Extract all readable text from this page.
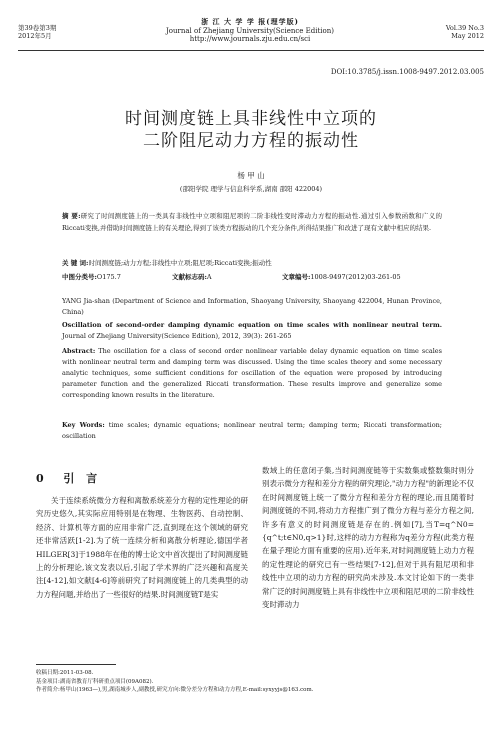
第39卷第3期
2012年5月
浙 江 大 学 学 报(理学版)
Journal of Zhejiang University(Science Edition)
http://www.journals.zju.edu.cn/sci
Vol.39 No.3
May 2012
DOI:10.3785/j.issn.1008-9497.2012.03.005
时间测度链上具非线性中立项的
二阶阻尼动力方程的振动性
杨 甲 山
(邵阳学院 理学与信息科学系,湖南 邵阳 422004)
摘 要:研究了时间测度链上的一类具有非线性中立项和阻尼项的二阶非线性变时滞动力方程的振动性.通过引入参数函数和广义的Riccati变换,并借助时间测度链上的有关理论,得到了该类方程振动的几个充分条件,所得结果推广和改进了现有文献中相应的结果.
关 键 词:时间测度链;动力方程;非线性中立项;阻尼项;Riccati变换;振动性
中图分类号:O175.7	文献标志码:A	文章编号:1008-9497(2012)03-261-05
YANG Jia-shan (Department of Science and Information, Shaoyang University, Shaoyang 422004, Hunan Province, China)
Oscillation of second-order damping dynamic equation on time scales with nonlinear neutral term. Journal of Zhejiang University(Science Edition), 2012, 39(3): 261-265
Abstract: The oscillation for a class of second order nonlinear variable delay dynamic equation on time scales with nonlinear neutral term and damping term was discussed. Using the time scales theory and some necessary analytic techniques, some sufficient conditions for oscillation of the equation were proposed by introducing parameter function and the generalized Riccati transformation. These results improve and generalize some corresponding known results in the literature.
Key Words: time scales; dynamic equations; nonlinear neutral term; damping term; Riccati transformation; oscillation
0 引 言
关于连续系统微分方程和离散系统差分方程的定性理论的研究历史悠久,其实际应用特别是在物理、生物医药、自动控制、经济、计算机等方面的应用非常广泛,直到现在这个领域的研究还非常活跃[1-2].为了统一连续分析和离散分析理论,德国学者 HILGER[3]于1988年在他的博士论文中首次提出了时间测度链上的分析理论,该文发表以后,引起了学术界的广泛兴趣和高度关注[4-12],如文献[4-6]等前研究了时间测度链上的几类典型的动力方程问题,并给出了一些很好的结果.时间测度链T是实
数域上的任意闭子集,当时间测度链等于实数集或整数集时则分别表示微分方程和差分方程的研究理论,"动力方程"的新理论不仅在时间测度链上统一了微分方程和差分方程的理论,而且随着时间测度链的不同,将动力方程推广到了微分方程与差分方程之间,许多有意义的时间测度链是存在的.例如[7],当T=q^N0={q^t;t∈N0,q>1}时,这样的动力方程称为q差分方程(此类方程在量子理论方面有重要的应用).近年来,对时间测度链上动力方程的定性理论的研究已有一些结果[7-12],但对于具有阻尼项和非线性中立项的动力方程的研究尚未涉及.本文讨论如下的一类非常广泛的时间测度链上具有非线性中立项和阻尼项的二阶非线性变时滞动力
收稿日期:2011-03-08.
基金项目:湖南省教育厅科研重点项目(09A082).
作者简介:杨甲山(1963—),男,湖南城步人,副教授,研究方向:微分差分方程和动力方程,E-mail:syxyyjs@163.com.
